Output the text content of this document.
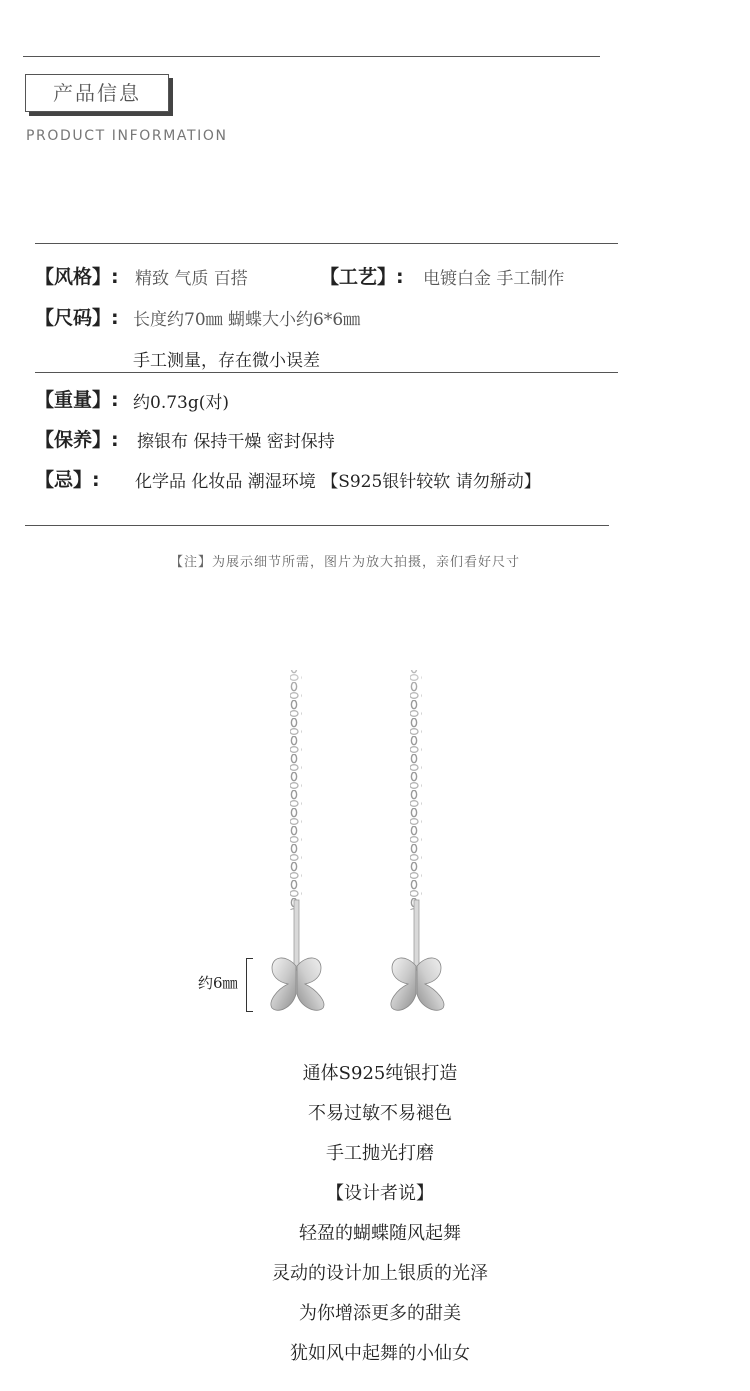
产品信息
PRODUCT INFORMATION
【风格】: 精致 气质 百搭	【工艺】: 电镀白金 手工制作
【尺码】: 长度约70㎜ 蝴蝶大小约6*6㎜
手工测量，存在微小误差
【重量】: 约0.73g(对)
【保养】: 擦银布 保持干燥 密封保持
【忌】: 化学品 化妆品 潮湿环境 【S925银针较软 请勿掰动】
【注】为展示细节所需，图片为放大拍摄，亲们看好尺寸
约6㎜
通体S925纯银打造
不易过敏不易褪色
手工抛光打磨
【设计者说】
轻盈的蝴蝶随风起舞
灵动的设计加上银质的光泽
为你增添更多的甜美
犹如风中起舞的小仙女
